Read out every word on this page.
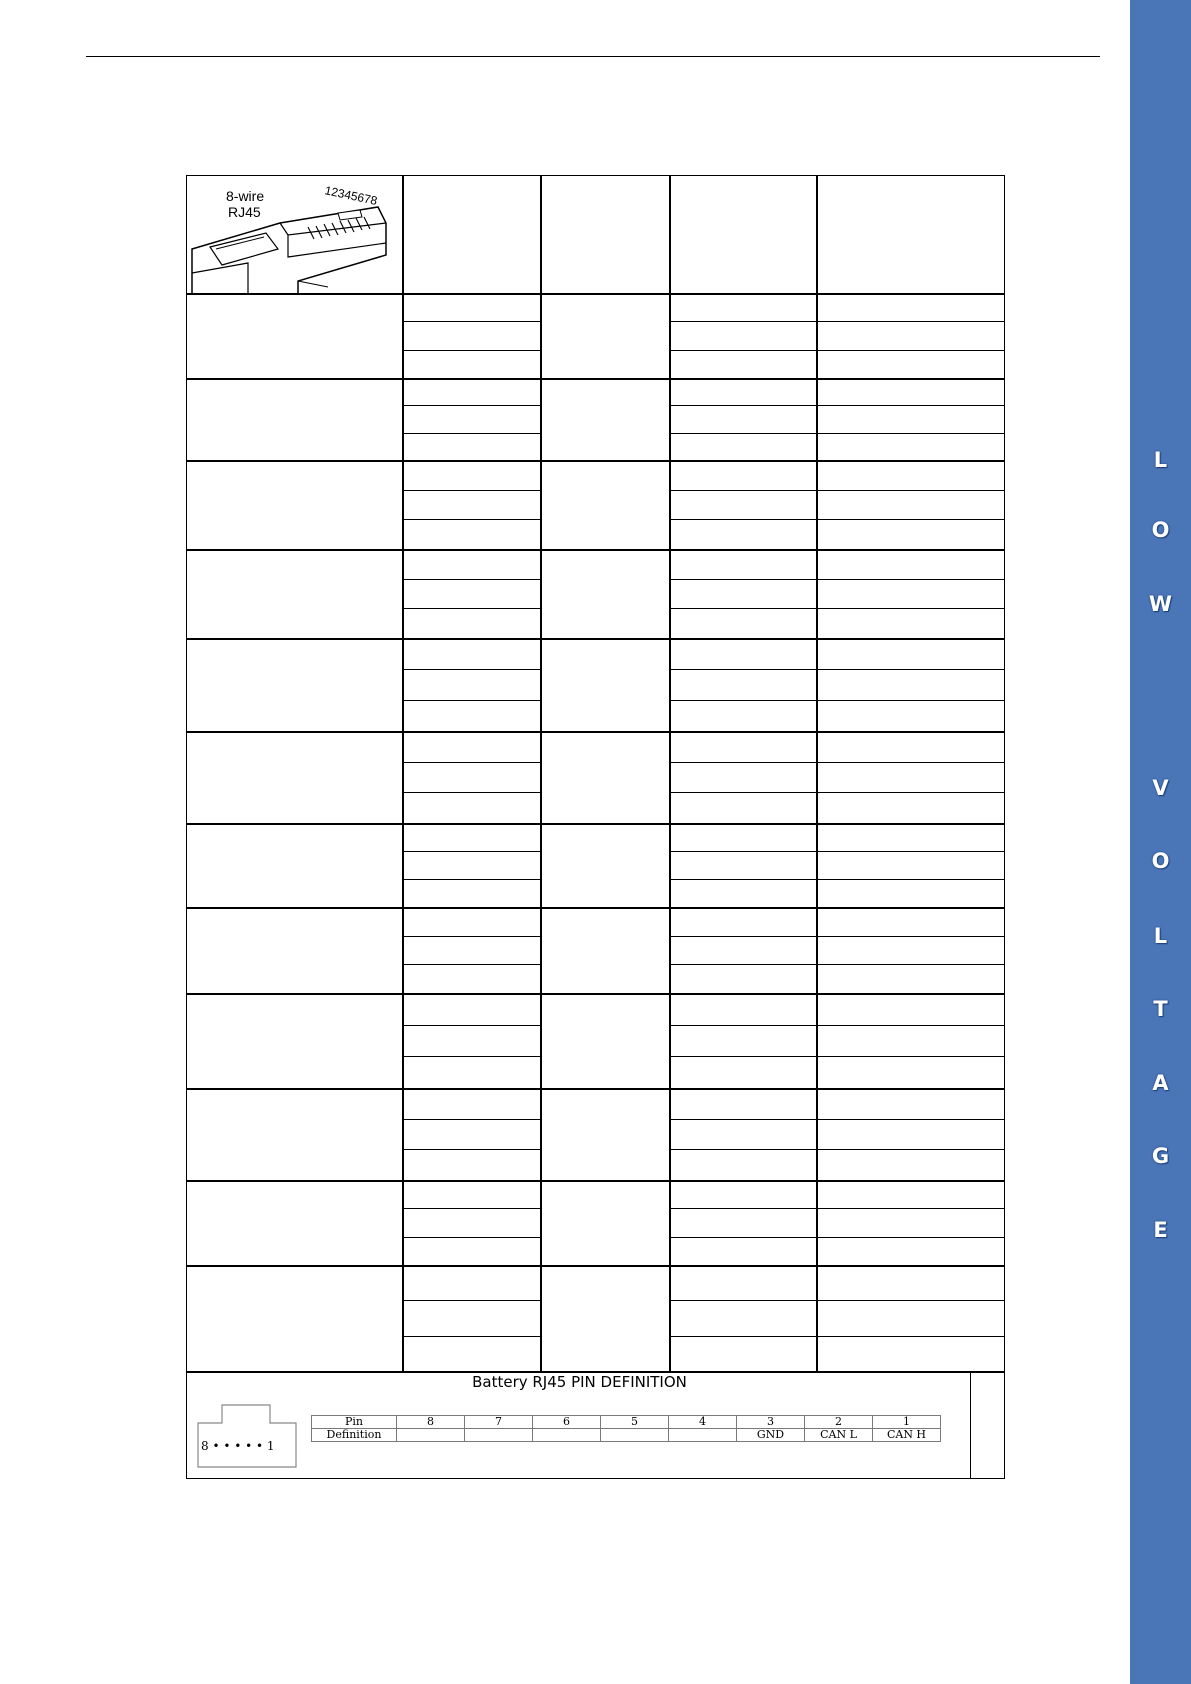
L
O
W
V
O
L
T
A
G
E
8-wire
RJ45
12345678
Battery RJ45 PIN DEFINITION
8 • • • • • 1
Pin	8	7	6	5	4	3	2	1
Definition						GND	CAN L	CAN H
